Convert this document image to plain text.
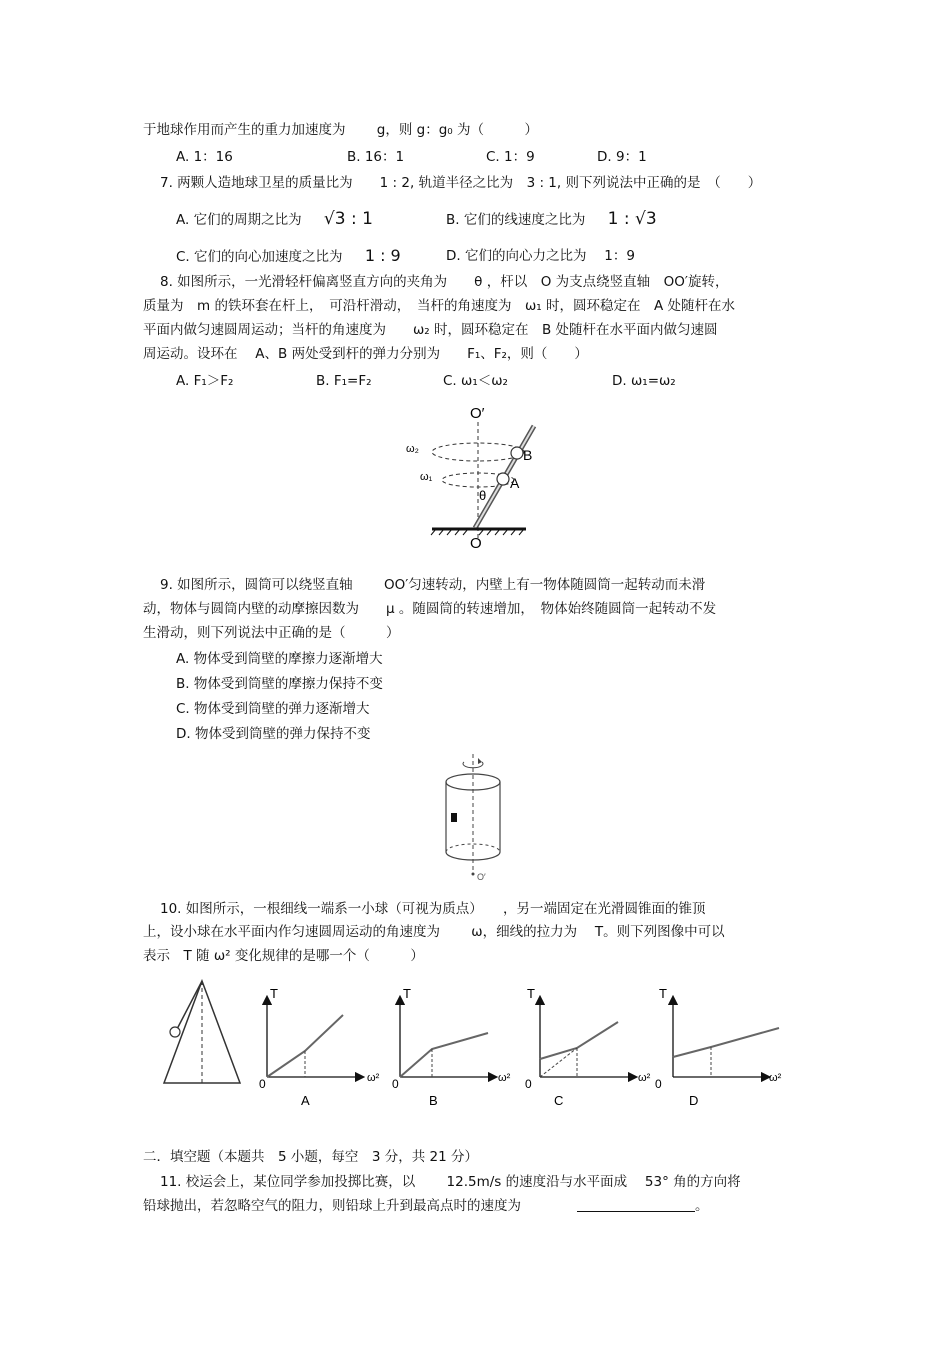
于地球作用而产生的重力加速度为　　 g，则 g：g₀ 为（　　　）
A. 1：16	B. 16：1	C. 1：9	D. 9：1
7. 两颗人造地球卫星的质量比为　　1 : 2, 轨道半径之比为　3 : 1, 则下列说法中正确的是　（　　）
A. 它们的周期之比为 √3 : 1	B. 它们的线速度之比为 1 : √3
C. 它们的向心加速度之比为 1 : 9	D. 它们的向心力之比为　 1：9
8. 如图所示，一光滑轻杆偏离竖直方向的夹角为　　θ ，杆以　O 为支点绕竖直轴　OO′旋转，
质量为　m 的铁环套在杆上，　可沿杆滑动，　当杆的角速度为　ω₁ 时，圆环稳定在　A 处随杆在水
平面内做匀速圆周运动；当杆的角速度为　　ω₂ 时，圆环稳定在　B 处随杆在水平面内做匀速圆
周运动。设环在　 A、B 两处受到杆的弹力分别为　　F₁、F₂，则（　　）
A. F₁＞F₂	B. F₁=F₂	C. ω₁＜ω₂	D. ω₁=ω₂
O′
O
ω₂
ω₁
B
A
θ
9. 如图所示，圆筒可以绕竖直轴　　 OO′匀速转动，内壁上有一物体随圆筒一起转动而未滑
动，物体与圆筒内壁的动摩擦因数为　　μ 。随圆筒的转速增加，　物体始终随圆筒一起转动不发
生滑动，则下列说法中正确的是（　　　）
A. 物体受到筒壁的摩擦力逐渐增大
B. 物体受到筒壁的摩擦力保持不变
C. 物体受到筒壁的弹力逐渐增大
D. 物体受到筒壁的弹力保持不变
O′
10. 如图所示，一根细线一端系一小球（可视为质点）　　，另一端固定在光滑圆锥面的锥顶
上，设小球在水平面内作匀速圆周运动的角速度为　　 ω，细线的拉力为　 T。则下列图像中可以
表示　T 随 ω² 变化规律的是哪一个（　　　）
T
ω²
0
A
T
ω²
0
B
T
ω²
0
C
T
ω²
0
D
二．填空题（本题共　5 小题，每空　3 分，共 21 分）
11. 校运会上，某位同学参加投掷比赛，以　　 12.5m/s 的速度沿与水平面成　 53° 角的方向将
铅球抛出，若忽略空气的阻力，则铅球上升到最高点时的速度为	。
